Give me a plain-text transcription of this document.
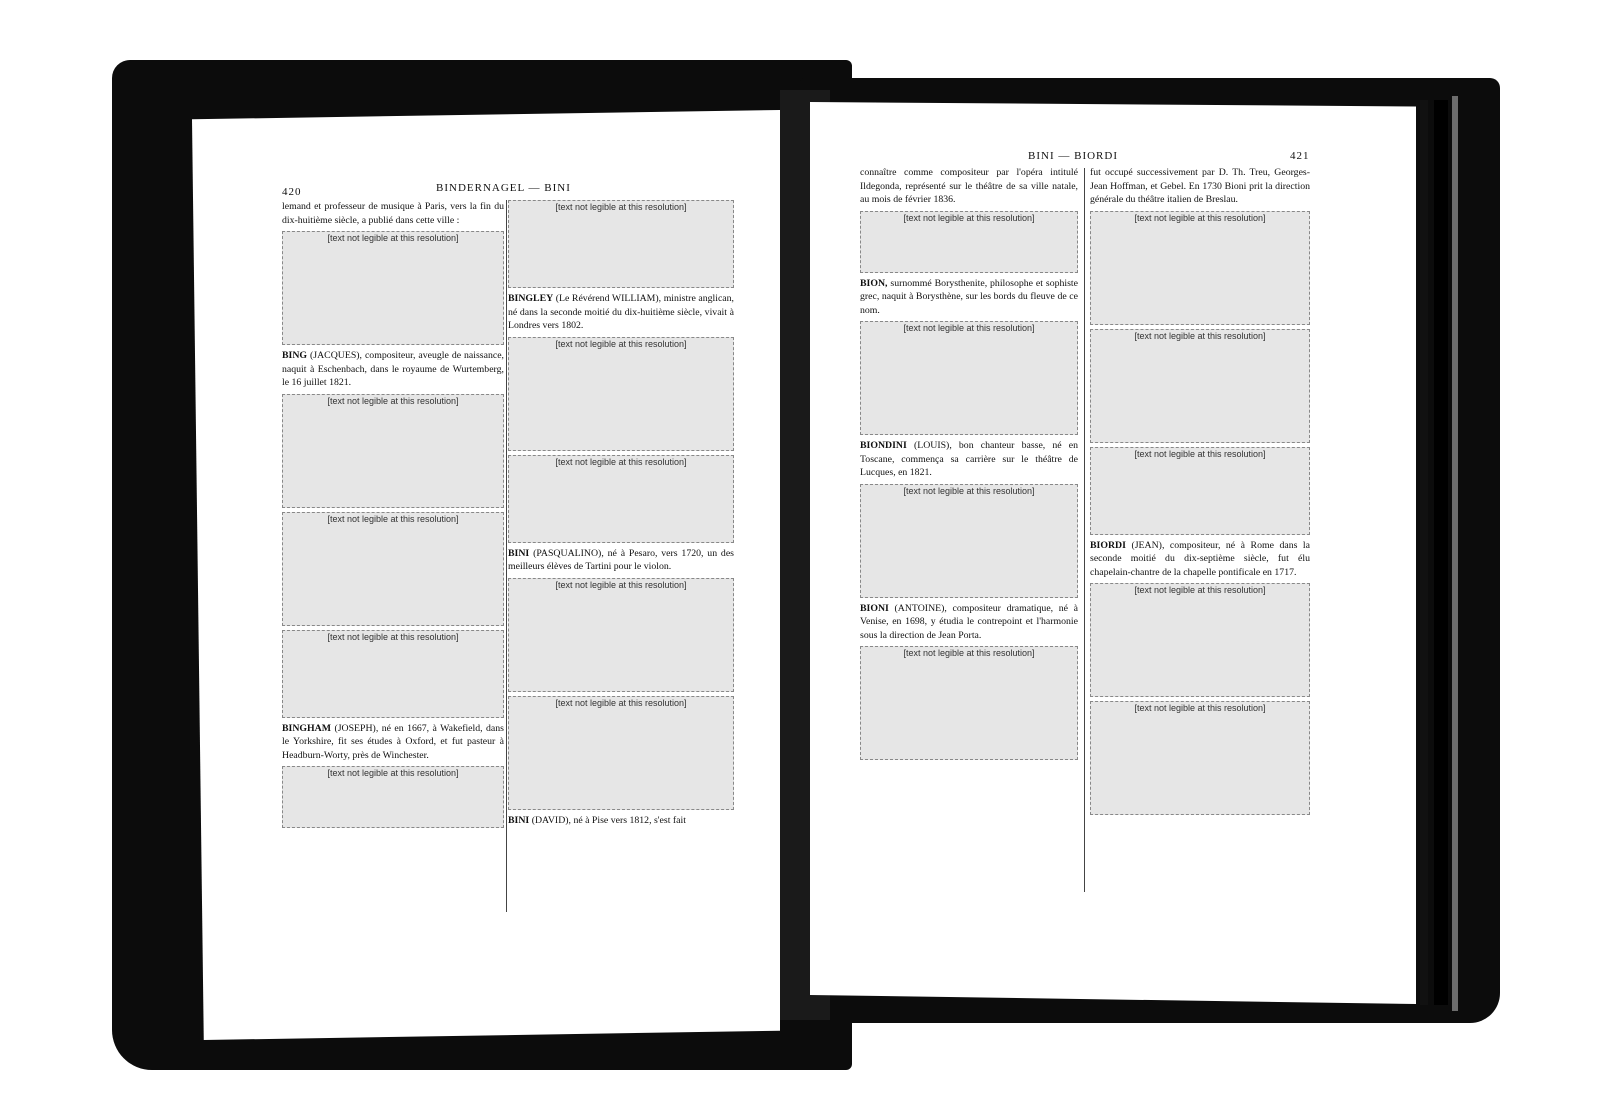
420	BINDERNAGEL — BINI
BINI — BIORDI	421

lemand et professeur de musique à Paris, vers la fin du dix-huitième siècle, a publié dans cette ville :

[text not legible at this resolution]

BING (JACQUES), compositeur, aveugle de naissance, naquit à Eschenbach, dans le royaume de Wurtemberg, le 16 juillet 1821.

[text not legible at this resolution]
[text not legible at this resolution]
[text not legible at this resolution]

BINGHAM (JOSEPH), né en 1667, à Wakefield, dans le Yorkshire, fit ses études à Oxford, et fut pasteur à Headburn-Worty, près de Winchester.

[text not legible at this resolution]
[text not legible at this resolution]

BINGLEY (Le Révérend WILLIAM), ministre anglican, né dans la seconde moitié du dix-huitième siècle, vivait à Londres vers 1802.

[text not legible at this resolution]
[text not legible at this resolution]

BINI (PASQUALINO), né à Pesaro, vers 1720, un des meilleurs élèves de Tartini pour le violon.

[text not legible at this resolution]
[text not legible at this resolution]

BINI (DAVID), né à Pise vers 1812, s'est fait

connaître comme compositeur par l'opéra intitulé Ildegonda, représenté sur le théâtre de sa ville natale, au mois de février 1836.

[text not legible at this resolution]

BION, surnommé Borysthenite, philosophe et sophiste grec, naquit à Borysthène, sur les bords du fleuve de ce nom.

[text not legible at this resolution]

BIONDINI (LOUIS), bon chanteur basse, né en Toscane, commença sa carrière sur le théâtre de Lucques, en 1821.

[text not legible at this resolution]

BIONI (ANTOINE), compositeur dramatique, né à Venise, en 1698, y étudia le contrepoint et l'harmonie sous la direction de Jean Porta.

[text not legible at this resolution]

fut occupé successivement par D. Th. Treu, Georges-Jean Hoffman, et Gebel. En 1730 Bioni prit la direction générale du théâtre italien de Breslau.

[text not legible at this resolution]
[text not legible at this resolution]
[text not legible at this resolution]

BIORDI (JEAN), compositeur, né à Rome dans la seconde moitié du dix-septième siècle, fut élu chapelain-chantre de la chapelle pontificale en 1717.

[text not legible at this resolution]
[text not legible at this resolution]
